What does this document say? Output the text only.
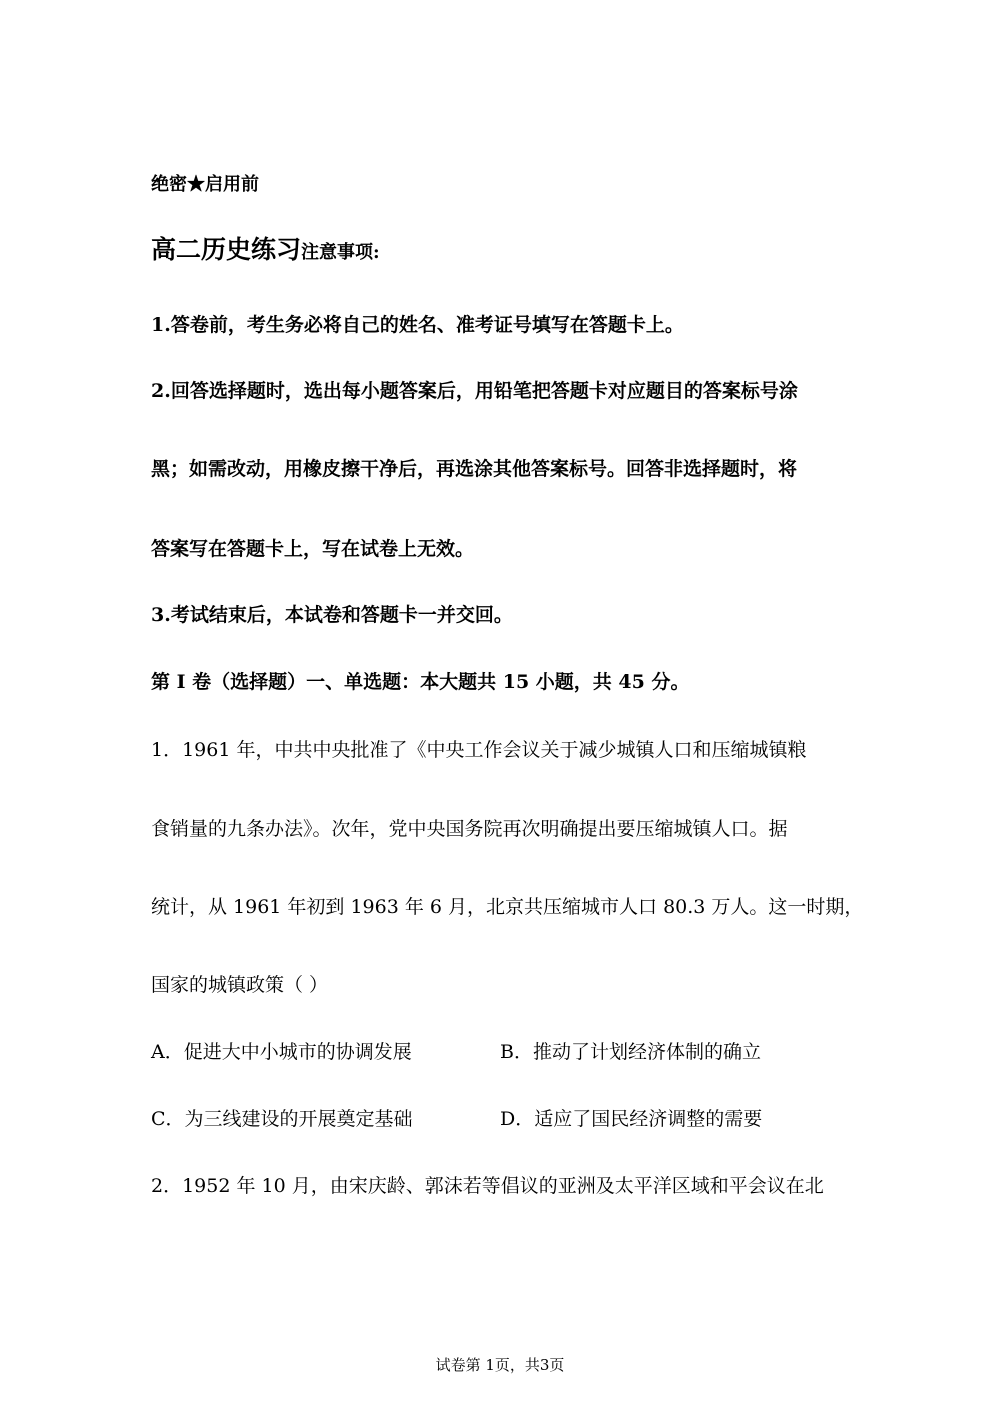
绝密★启用前
高二历史练习注意事项:
1.答卷前，考生务必将自己的姓名、准考证号填写在答题卡上。
2.回答选择题时，选出每小题答案后，用铅笔把答题卡对应题目的答案标号涂
黑；如需改动，用橡皮擦干净后，再选涂其他答案标号。回答非选择题时，将
答案写在答题卡上，写在试卷上无效。
3.考试结束后，本试卷和答题卡一并交回。
第 I 卷（选择题）一、单选题：本大题共 15 小题，共 45 分。
1．1961 年，中共中央批准了《中央工作会议关于减少城镇人口和压缩城镇粮
食销量的九条办法》。次年，党中央国务院再次明确提出要压缩城镇人口。据
统计，从 1961 年初到 1963 年 6 月，北京共压缩城市人口 80.3 万人。这一时期，
国家的城镇政策（ ）
A．促进大中小城市的协调发展	B．推动了计划经济体制的确立
C．为三线建设的开展奠定基础	D．适应了国民经济调整的需要
2．1952 年 10 月，由宋庆龄、郭沫若等倡议的亚洲及太平洋区域和平会议在北
试卷第 1页，共3页
